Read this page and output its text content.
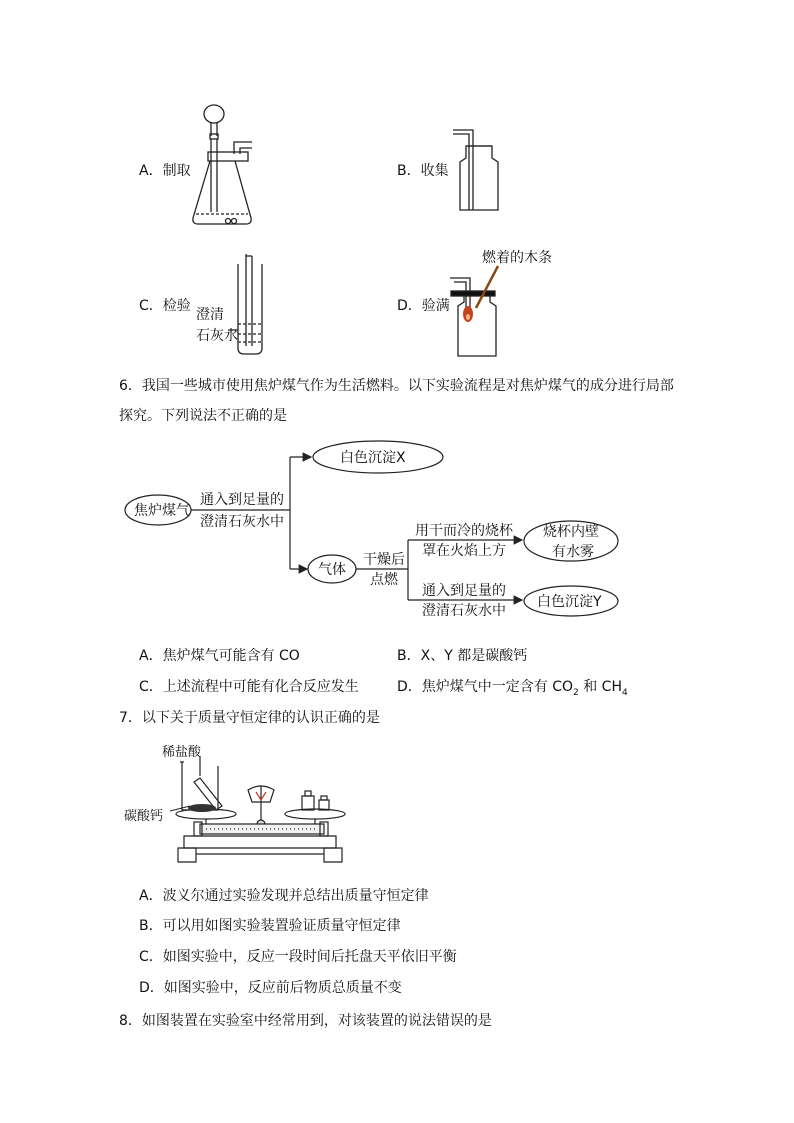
A．制取	B．收集
C．检验	D．验满
澄清
石灰水
燃着的木条
6．我国一些城市使用焦炉煤气作为生活燃料。以下实验流程是对焦炉煤气的成分进行局部
探究。下列说法不正确的是
焦炉煤气
通入到足量的
澄清石灰水中
白色沉淀X
气体
干燥后
点燃
用干而冷的烧杯
罩在火焰上方
烧杯内壁
有水雾
通入到足量的
澄清石灰水中
白色沉淀Y
A．焦炉煤气可能含有 CO	B．X、Y 都是碳酸钙
C．上述流程中可能有化合反应发生	D．焦炉煤气中一定含有 $CO_2$ 和 $CH_4$
7．以下关于质量守恒定律的认识正确的是
稀盐酸
碳酸钙
A．波义尔通过实验发现并总结出质量守恒定律
B．可以用如图实验装置验证质量守恒定律
C．如图实验中，反应一段时间后托盘天平依旧平衡
D．如图实验中，反应前后物质总质量不变
8．如图装置在实验室中经常用到，对该装置的说法错误的是
